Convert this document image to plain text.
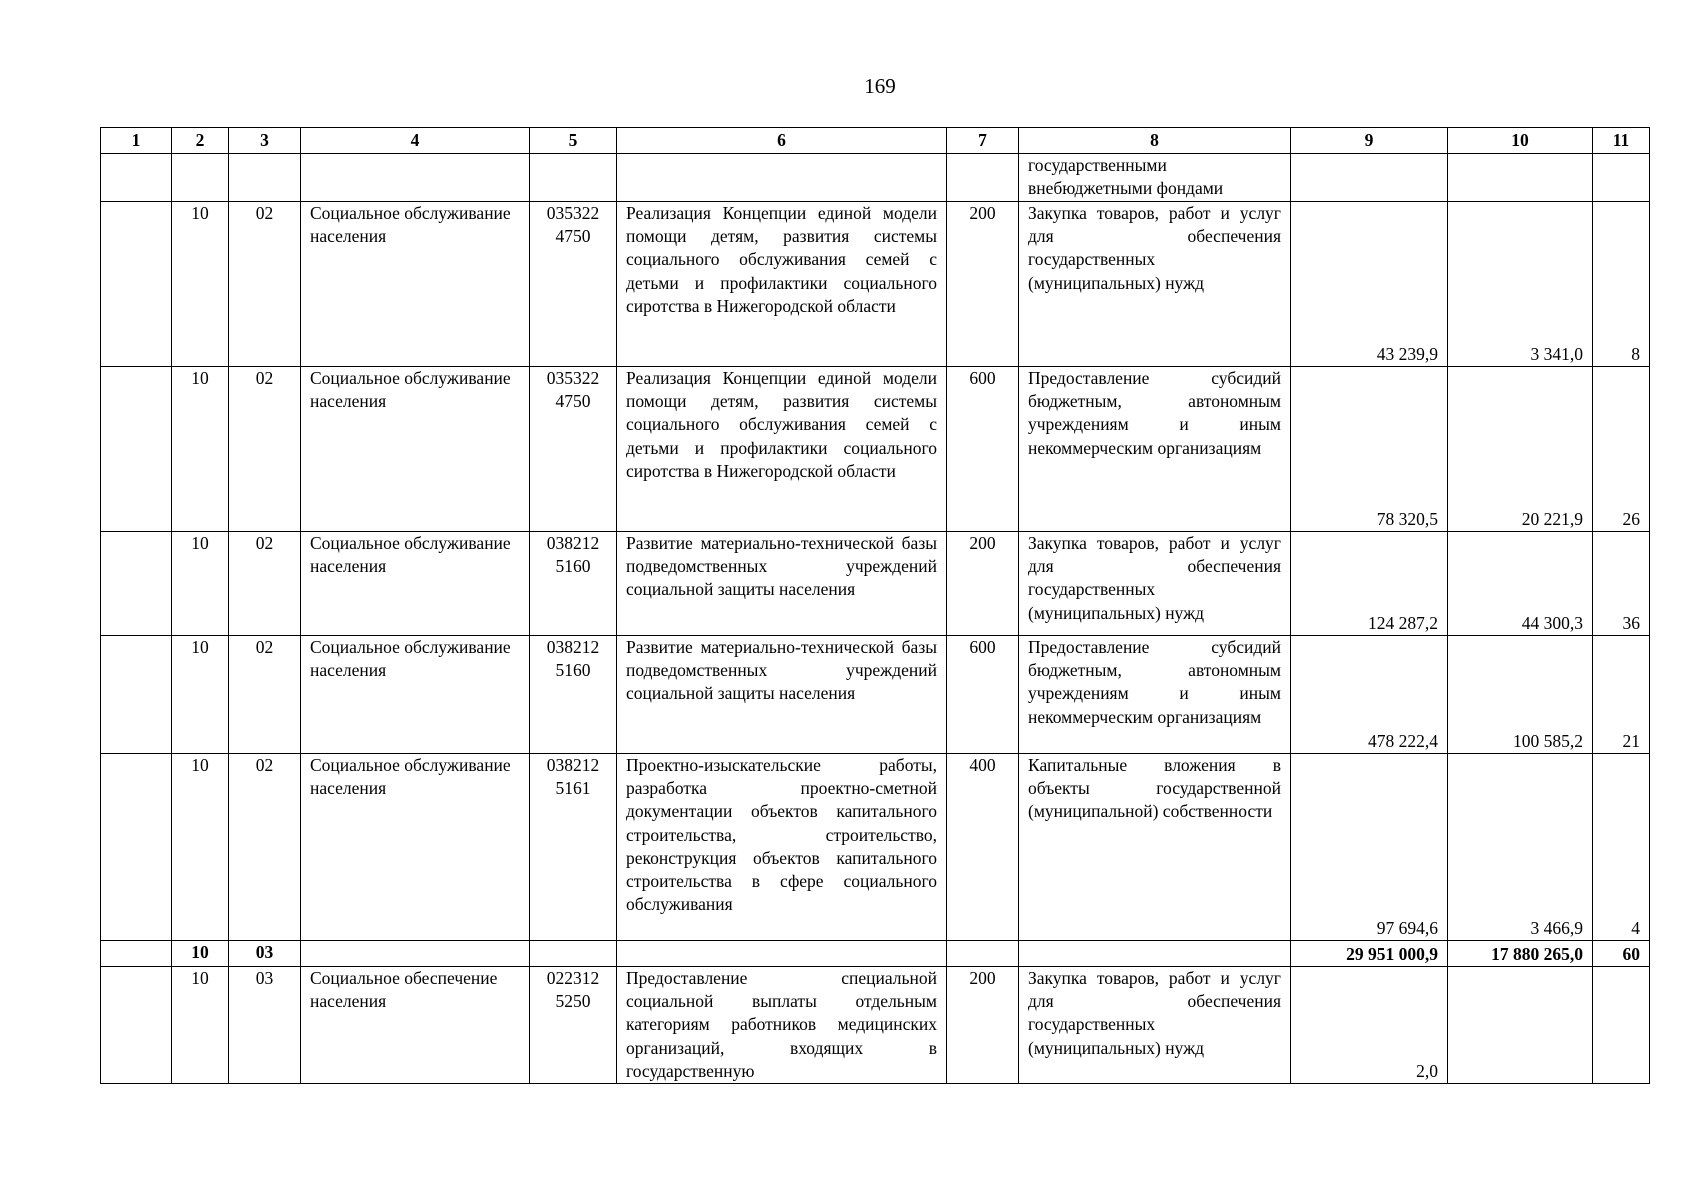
169
1	2	3	4	5	6	7	8	9	10	11
							государственными внебюджетными фондами			
	10	02	Социальное обслуживание населения	035322 4750	Реализация Концепции единой модели помощи детям, развития системы социального обслуживания семей с детьми и профилактики социального сиротства в Нижегородской области	200	Закупка товаров, работ и услуг для обеспечения государственных (муниципальных) нужд	43 239,9	3 341,0	8
	10	02	Социальное обслуживание населения	035322 4750	Реализация Концепции единой модели помощи детям, развития системы социального обслуживания семей с детьми и профилактики социального сиротства в Нижегородской области	600	Предоставление субсидий бюджетным, автономным учреждениям и иным некоммерческим организациям	78 320,5	20 221,9	26
	10	02	Социальное обслуживание населения	038212 5160	Развитие материально-технической базы подведомственных учреждений социальной защиты населения	200	Закупка товаров, работ и услуг для обеспечения государственных (муниципальных) нужд	124 287,2	44 300,3	36
	10	02	Социальное обслуживание населения	038212 5160	Развитие материально-технической базы подведомственных учреждений социальной защиты населения	600	Предоставление субсидий бюджетным, автономным учреждениям и иным некоммерческим организациям	478 222,4	100 585,2	21
	10	02	Социальное обслуживание населения	038212 5161	Проектно-изыскательские работы, разработка проектно-сметной документации объектов капитального строительства, строительство, реконструкция объектов капитального строительства в сфере социального обслуживания	400	Капитальные вложения в объекты государственной (муниципальной) собственности	97 694,6	3 466,9	4
	10	03						29 951 000,9	17 880 265,0	60
	10	03	Социальное обеспечение населения	022312 5250	Предоставление специальной социальной выплаты отдельным категориям работников медицинских организаций, входящих в государственную	200	Закупка товаров, работ и услуг для обеспечения государственных (муниципальных) нужд	2,0		
